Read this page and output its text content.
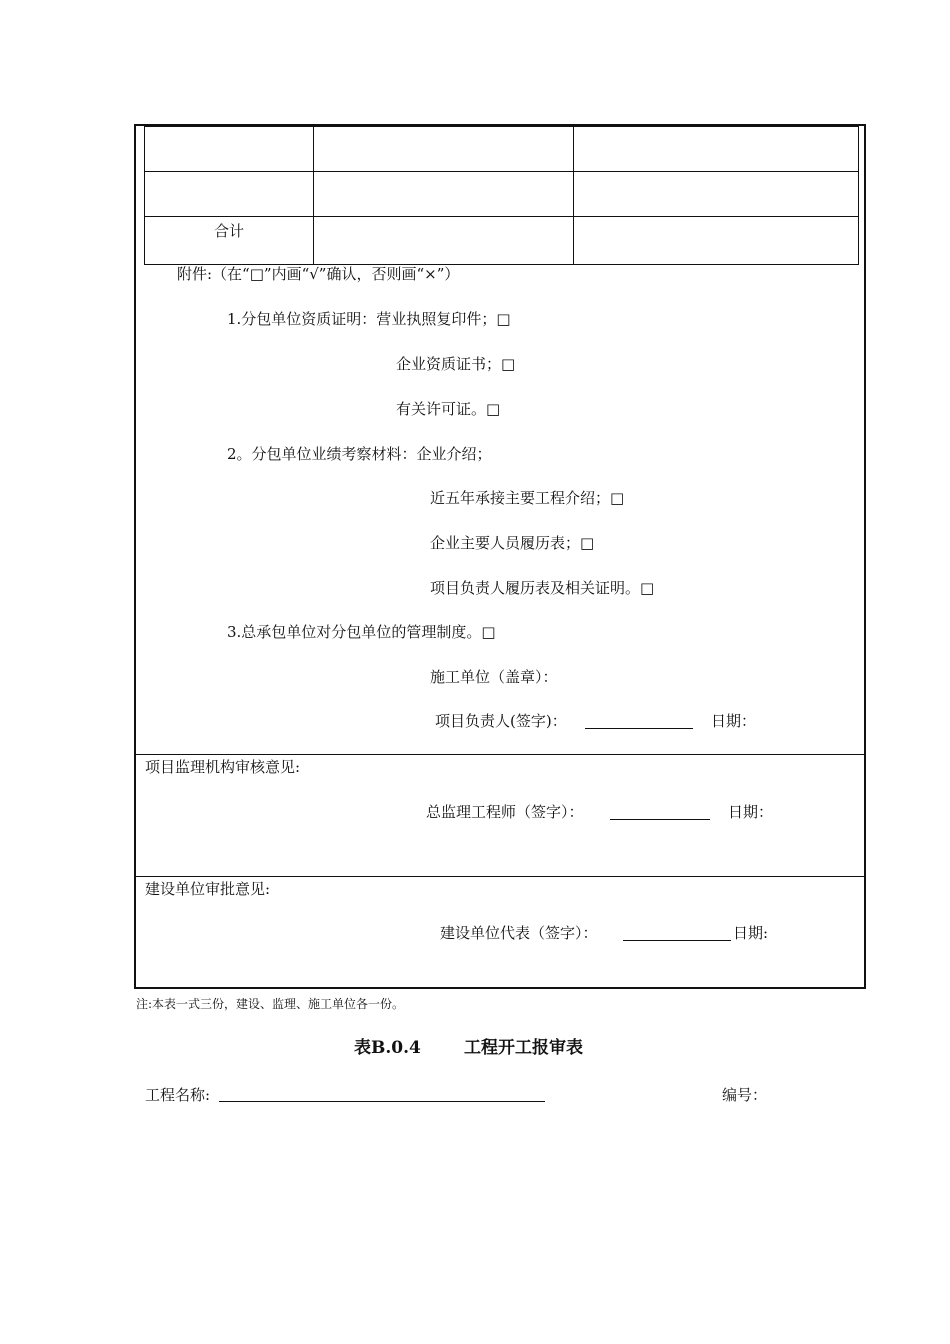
合计		
附件:（在“□”内画“√”确认，否则画“×”）
1.分包单位资质证明：营业执照复印件；□
企业资质证书；□
有关许可证。□
2。分包单位业绩考察材料：企业介绍；
近五年承接主要工程介绍；□
企业主要人员履历表；□
项目负责人履历表及相关证明。□
3.总承包单位对分包单位的管理制度。□
施工单位（盖章）：
项目负责人(签字)：	日期：
项目监理机构审核意见:
总监理工程师（签字）：	日期：
建设单位审批意见:
建设单位代表（签字）：	日期:
注:本表一式三份，建设、监理、施工单位各一份。
表B.0.4	工程开工报审表
工程名称:	编号：
